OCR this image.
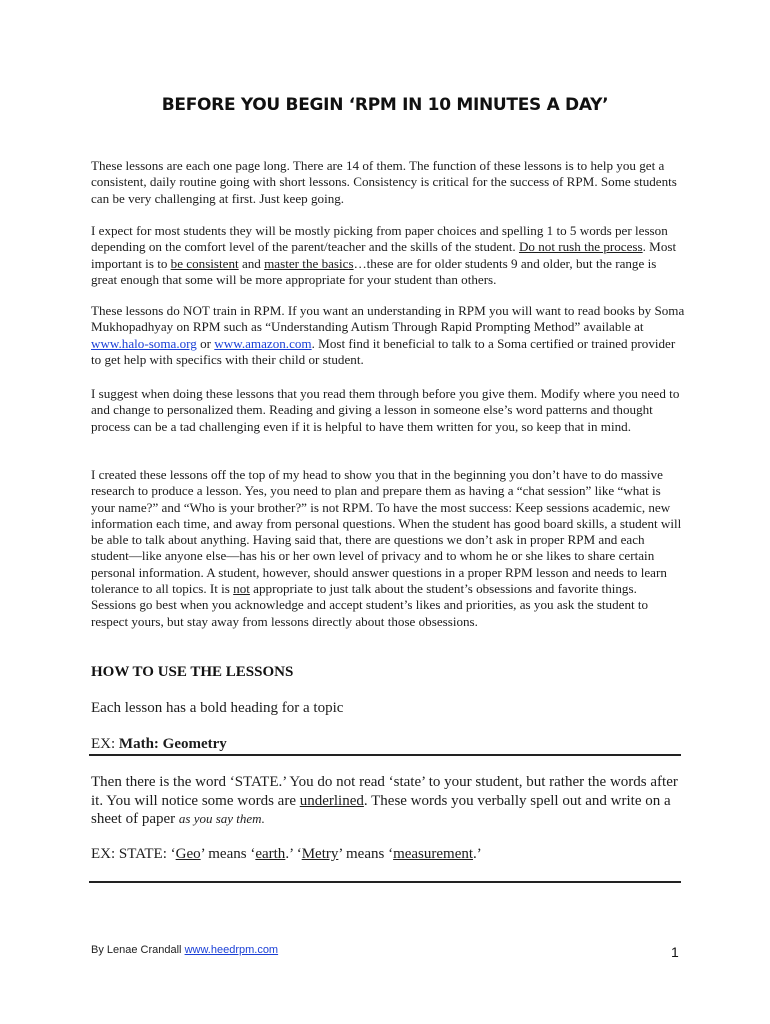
BEFORE YOU BEGIN ‘RPM IN 10 MINUTES A DAY’
These lessons are each one page long. There are 14 of them. The function of these lessons is to help you get a consistent, daily routine going with short lessons. Consistency is critical for the success of RPM. Some students can be very challenging at first. Just keep going.
I expect for most students they will be mostly picking from paper choices and spelling 1 to 5 words per lesson depending on the comfort level of the parent/teacher and the skills of the student. Do not rush the process. Most important is to be consistent and master the basics…these are for older students 9 and older, but the range is great enough that some will be more appropriate for your student than others.
These lessons do NOT train in RPM. If you want an understanding in RPM you will want to read books by Soma Mukhopadhyay on RPM such as “Understanding Autism Through Rapid Prompting Method” available at www.halo-soma.org or www.amazon.com. Most find it beneficial to talk to a Soma certified or trained provider to get help with specifics with their child or student.
I suggest when doing these lessons that you read them through before you give them. Modify where you need to and change to personalized them. Reading and giving a lesson in someone else’s word patterns and thought process can be a tad challenging even if it is helpful to have them written for you, so keep that in mind.
I created these lessons off the top of my head to show you that in the beginning you don’t have to do massive research to produce a lesson. Yes, you need to plan and prepare them as having a “chat session” like “what is your name?” and “Who is your brother?” is not RPM. To have the most success: Keep sessions academic, new information each time, and away from personal questions. When the student has good board skills, a student will be able to talk about anything. Having said that, there are questions we don’t ask in proper RPM and each student—like anyone else—has his or her own level of privacy and to whom he or she likes to share certain personal information. A student, however, should answer questions in a proper RPM lesson and needs to learn tolerance to all topics. It is not appropriate to just talk about the student’s obsessions and favorite things. Sessions go best when you acknowledge and accept student’s likes and priorities, as you ask the student to respect yours, but stay away from lessons directly about those obsessions.
HOW TO USE THE LESSONS
Each lesson has a bold heading for a topic
EX: Math: Geometry
Then there is the word ‘STATE.’ You do not read ‘state’ to your student, but rather the words after it. You will notice some words are underlined. These words you verbally spell out and write on a sheet of paper as you say them.
EX: STATE: ‘Geo’ means ‘earth.’ ‘Metry’ means ‘measurement.’
By Lenae Crandall www.heedrpm.com	1
